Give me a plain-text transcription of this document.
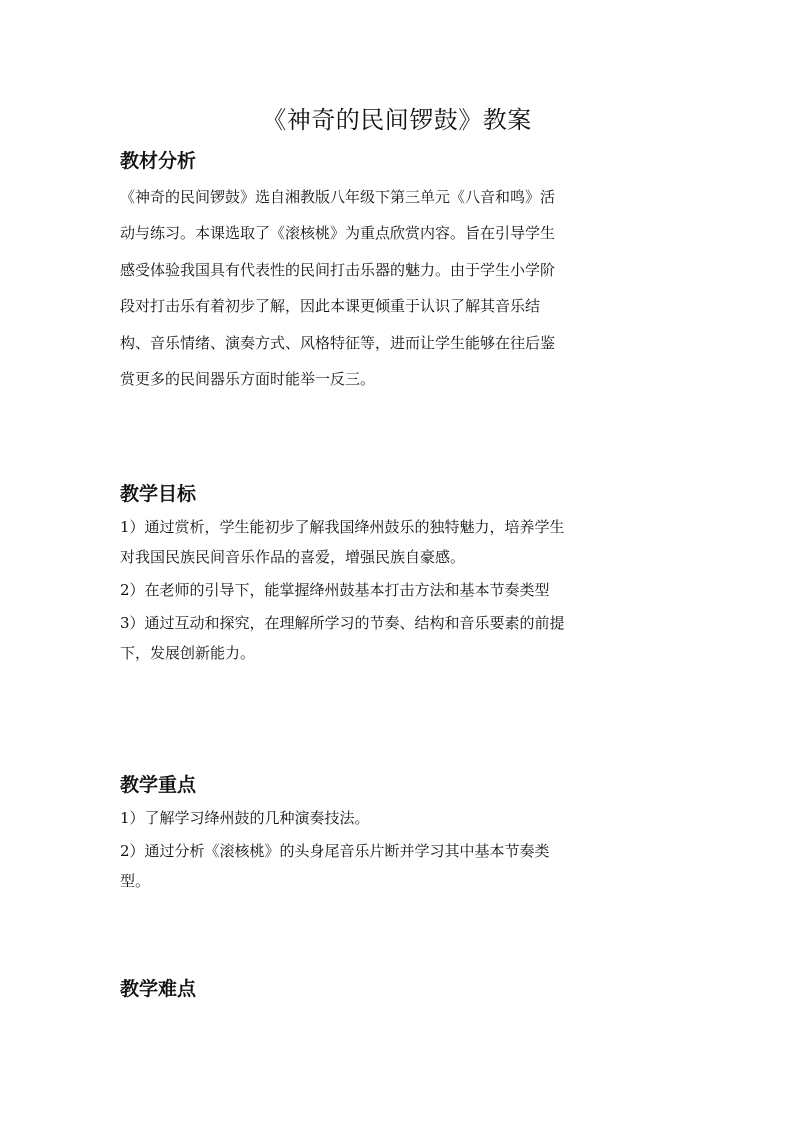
《神奇的民间锣鼓》教案
教材分析

《神奇的民间锣鼓》选自湘教版八年级下第三单元《八音和鸣》活

动与练习。本课选取了《滚核桃》为重点欣赏内容。旨在引导学生

感受体验我国具有代表性的民间打击乐器的魅力。由于学生小学阶

段对打击乐有着初步了解，因此本课更倾重于认识了解其音乐结

构、音乐情绪、演奏方式、风格特征等，进而让学生能够在往后鉴

赏更多的民间器乐方面时能举一反三。

教学目标

1）通过赏析，学生能初步了解我国绛州鼓乐的独特魅力，培养学生

对我国民族民间音乐作品的喜爱，增强民族自豪感。

2）在老师的引导下，能掌握绛州鼓基本打击方法和基本节奏类型

3）通过互动和探究，在理解所学习的节奏、结构和音乐要素的前提

下，发展创新能力。

教学重点

1）了解学习绛州鼓的几种演奏技法。

2）通过分析《滚核桃》的头身尾音乐片断并学习其中基本节奏类

型。

教学难点
